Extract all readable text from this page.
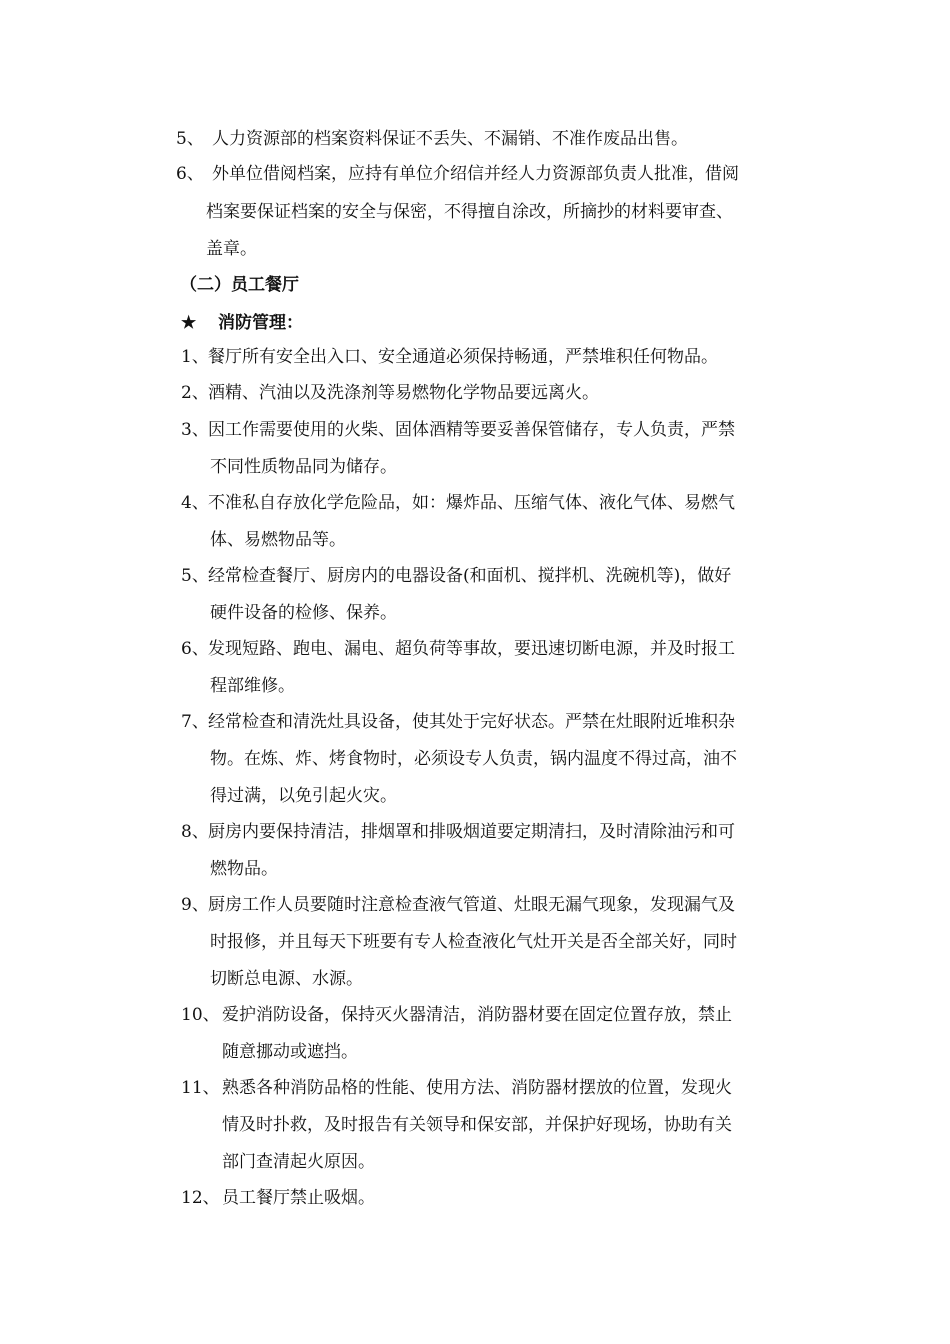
5、 人力资源部的档案资料保证不丢失、不漏销、不准作废品出售。
6、 外单位借阅档案，应持有单位介绍信并经人力资源部负责人批准，借阅
档案要保证档案的安全与保密，不得擅自涂改，所摘抄的材料要审查、
盖章。
（二）员工餐厅
★ 消防管理：
1、 餐厅所有安全出入口、安全通道必须保持畅通，严禁堆积任何物品。
2、 酒精、汽油以及洗涤剂等易燃物化学物品要远离火。
3、 因工作需要使用的火柴、固体酒精等要妥善保管储存，专人负责，严禁
不同性质物品同为储存。
4、 不准私自存放化学危险品，如：爆炸品、压缩气体、液化气体、易燃气
体、易燃物品等。
5、 经常检查餐厅、厨房内的电器设备(和面机、搅拌机、洗碗机等)，做好
硬件设备的检修、保养。
6、 发现短路、跑电、漏电、超负荷等事故，要迅速切断电源，并及时报工
程部维修。
7、 经常检查和清洗灶具设备，使其处于完好状态。严禁在灶眼附近堆积杂
物。在炼、炸、烤食物时，必须设专人负责，锅内温度不得过高，油不
得过满，以免引起火灾。
8、 厨房内要保持清洁，排烟罩和排吸烟道要定期清扫，及时清除油污和可
燃物品。
9、 厨房工作人员要随时注意检查液气管道、灶眼无漏气现象，发现漏气及
时报修，并且每天下班要有专人检查液化气灶开关是否全部关好，同时
切断总电源、水源。
10、 爱护消防设备，保持灭火器清洁，消防器材要在固定位置存放，禁止
随意挪动或遮挡。
11、 熟悉各种消防品格的性能、使用方法、消防器材摆放的位置，发现火
情及时扑救，及时报告有关领导和保安部，并保护好现场，协助有关
部门查清起火原因。
12、 员工餐厅禁止吸烟。
